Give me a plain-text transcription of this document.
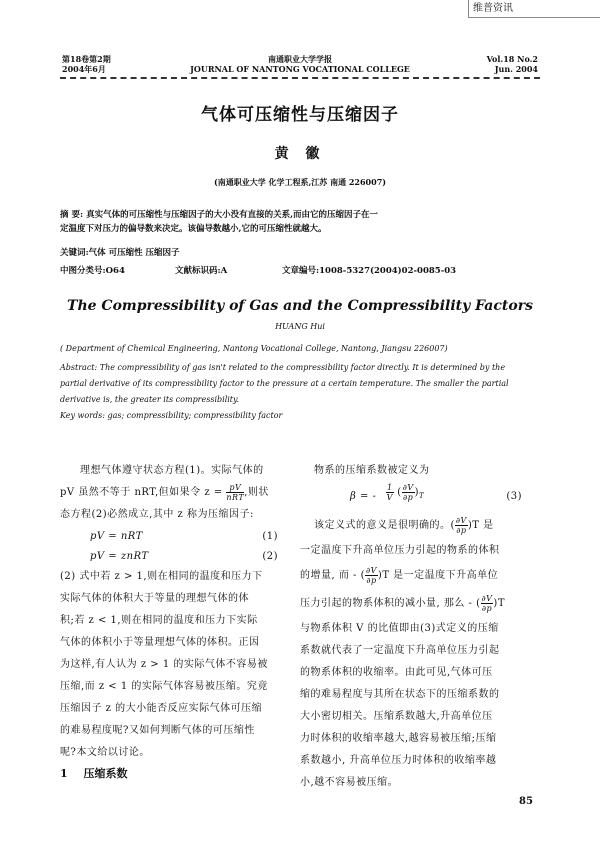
维普资讯
第18卷第2期
2004年6月
南通职业大学学报
JOURNAL OF NANTONG VOCATIONAL COLLEGE
Vol.18 No.2
Jun. 2004
气体可压缩性与压缩因子
黄 徽
(南通职业大学 化学工程系,江苏 南通 226007)
摘 要: 真实气体的可压缩性与压缩因子的大小没有直接的关系,而由它的压缩因子在一
定温度下对压力的偏导数来决定。该偏导数越小,它的可压缩性就越大。
关键词:气体 可压缩性 压缩因子
中图分类号:O64	文献标识码:A	文章编号:1008-5327(2004)02-0085-03
The Compressibility of Gas and the Compressibility Factors
HUANG Hui
( Department of Chemical Engineering, Nantong Vocational College, Nantong, Jiangsu 226007)
Abstract: The compressibility of gas isn't related to the compressibility factor directly. It is determined by the
partial derivative of its compressibility factor to the pressure at a certain temperature. The smaller the partial
derivative is, the greater its compressibility.
Key words: gas; compressibility; compressibility factor
理想气体遵守状态方程(1)。实际气体的
pV 虽然不等于 nRT,但如果令 $z = \frac{pV}{\text{nRT}}$ ,则状
态方程(2)必然成立,其中 z 称为压缩因子:
pV = nRT	(1)
pV = znRT	(2)
(2) 式中若 z > 1,则在相同的温度和压力下
实际气体的体积大于等量的理想气体的体
积;若 z < 1,则在相同的温度和压力下实际
气体的体积小于等量理想气体的体积。正因
为这样,有人认为 z > 1 的实际气体不容易被
压缩,而 z < 1 的实际气体容易被压缩。究竟
压缩因子 z 的大小能否反应实际气体可压缩
的难易程度呢?又如何判断气体的可压缩性
呢?本文给以讨论。
1 压缩系数
物系的压缩系数被定义为
β = - $\frac{1}{V}$ ( $\frac{\partial V}{\partial p} )_T$	(3)
该定义式的意义是很明确的。( $\frac{\partial V}{\partial p} )T$ 是
一定温度下升高单位压力引起的物系的体积
的增量, 而 - ( $\frac{\partial V}{\partial p} )T$ 是一定温度下升高单位
压力引起的物系体积的减小量, 那么 - ( $\frac{\partial V}{\partial p} )T$
与物系体积 V 的比值即由(3)式定义的压缩
系数就代表了一定温度下升高单位压力引起
的物系体积的收缩率。由此可见,气体可压
缩的难易程度与其所在状态下的压缩系数的
大小密切相关。压缩系数越大,升高单位压
力时体积的收缩率越大,越容易被压缩;压缩
系数越小, 升高单位压力时体积的收缩率越
小,越不容易被压缩。
85
